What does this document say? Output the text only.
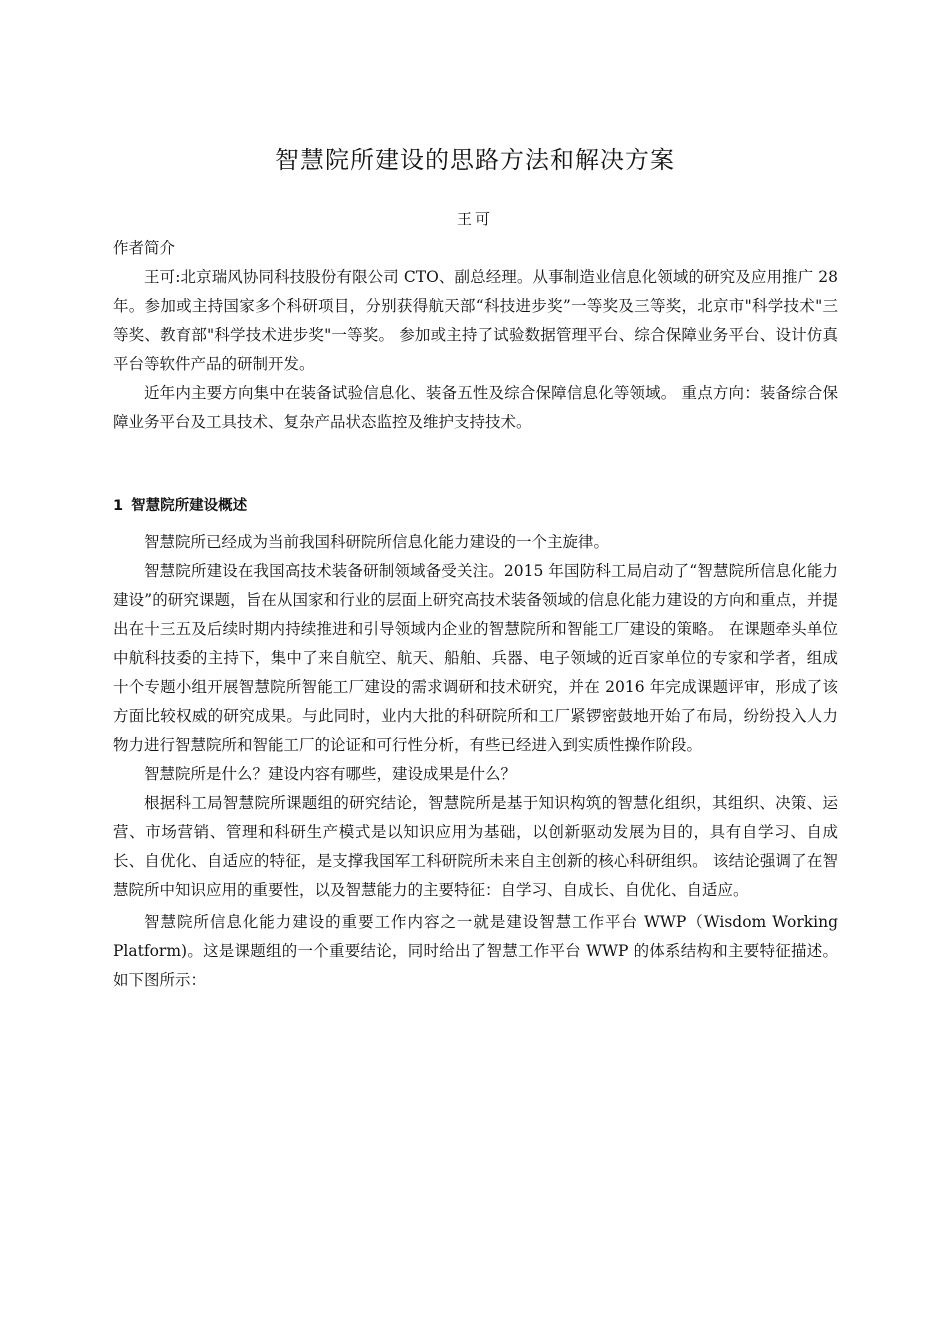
智慧院所建设的思路方法和解决方案
王可
作者简介

王可:北京瑞风协同科技股份有限公司 CTO、副总经理。从事制造业信息化领域的研究及应用推广 28 年。参加或主持国家多个科研项目，分别获得航天部“科技进步奖”一等奖及三等奖，北京市"科学技术"三等奖、教育部"科学技术进步奖"一等奖。 参加或主持了试验数据管理平台、综合保障业务平台、设计仿真平台等软件产品的研制开发。

近年内主要方向集中在装备试验信息化、装备五性及综合保障信息化等领域。 重点方向：装备综合保障业务平台及工具技术、复杂产品状态监控及维护支持技术。

1 智慧院所建设概述

智慧院所已经成为当前我国科研院所信息化能力建设的一个主旋律。

智慧院所建设在我国高技术装备研制领域备受关注。2015 年国防科工局启动了“智慧院所信息化能力建设”的研究课题，旨在从国家和行业的层面上研究高技术装备领域的信息化能力建设的方向和重点，并提出在十三五及后续时期内持续推进和引导领域内企业的智慧院所和智能工厂建设的策略。 在课题牵头单位中航科技委的主持下，集中了来自航空、航天、船舶、兵器、电子领域的近百家单位的专家和学者，组成十个专题小组开展智慧院所智能工厂建设的需求调研和技术研究，并在 2016 年完成课题评审，形成了该方面比较权威的研究成果。与此同时，业内大批的科研院所和工厂紧锣密鼓地开始了布局，纷纷投入人力物力进行智慧院所和智能工厂的论证和可行性分析，有些已经进入到实质性操作阶段。

智慧院所是什么？建设内容有哪些，建设成果是什么？

根据科工局智慧院所课题组的研究结论，智慧院所是基于知识构筑的智慧化组织，其组织、决策、运营、市场营销、管理和科研生产模式是以知识应用为基础，以创新驱动发展为目的，具有自学习、自成长、自优化、自适应的特征，是支撑我国军工科研院所未来自主创新的核心科研组织。 该结论强调了在智慧院所中知识应用的重要性，以及智慧能力的主要特征：自学习、自成长、自优化、自适应。

智慧院所信息化能力建设的重要工作内容之一就是建设智慧工作平台 WWP（Wisdom Working Platform)。这是课题组的一个重要结论，同时给出了智慧工作平台 WWP 的体系结构和主要特征描述。如下图所示：
